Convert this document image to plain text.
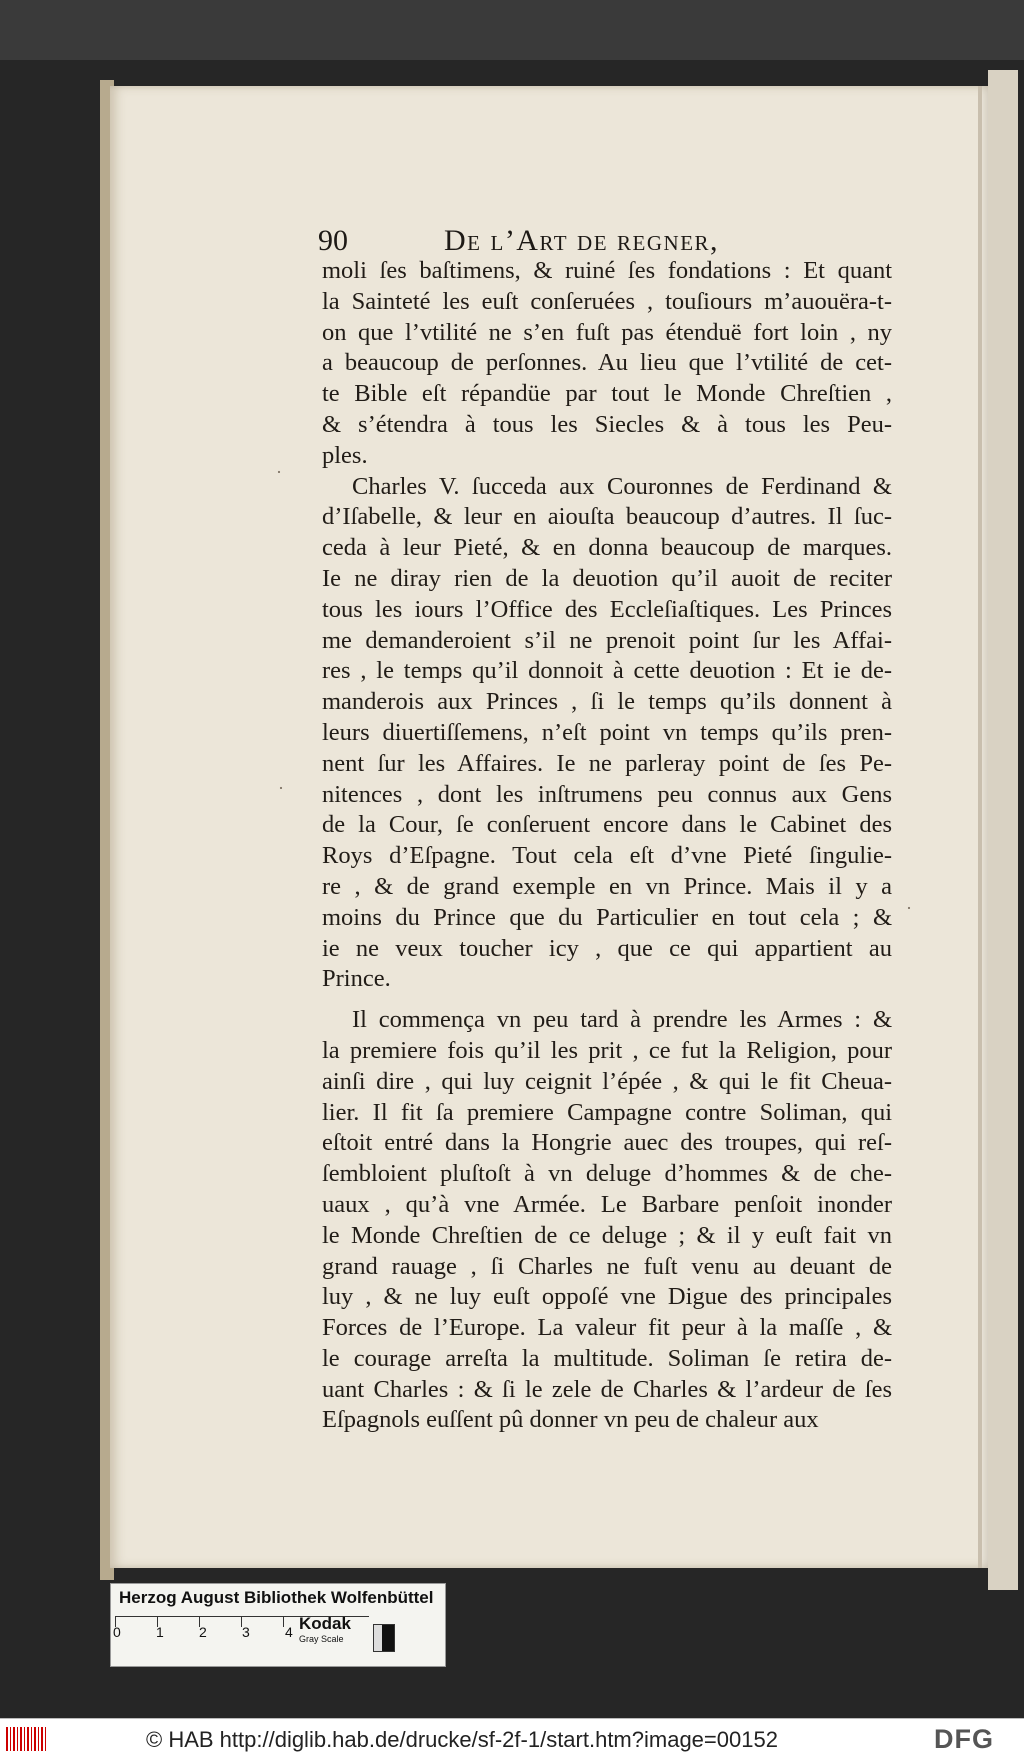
90	De l’Art de regner,
moli ſes baſtimens, & ruiné ſes fondations : Et quant
la Sainteté les euſt conſeruées , touſiours m’auouëra-t-
on que l’vtilité ne s’en fuſt pas étenduë fort loin , ny
a beaucoup de perſonnes. Au lieu que l’vtilité de cet-
te Bible eſt répandüe par tout le Monde Chreſtien ,
& s’étendra à tous les Siecles & à tous les Peu-
ples.
Charles V. ſucceda aux Couronnes de Ferdinand &
d’Iſabelle, & leur en aiouſta beaucoup d’autres. Il ſuc-
ceda à leur Pieté, & en donna beaucoup de marques.
Ie ne diray rien de la deuotion qu’il auoit de reciter
tous les iours l’Office des Eccleſiaſtiques. Les Princes
me demanderoient s’il ne prenoit point ſur les Affai-
res , le temps qu’il donnoit à cette deuotion : Et ie de-
manderois aux Princes , ſi le temps qu’ils donnent à
leurs diuertiſſemens, n’eſt point vn temps qu’ils pren-
nent ſur les Affaires. Ie ne parleray point de ſes Pe-
nitences , dont les inſtrumens peu connus aux Gens
de la Cour, ſe conſeruent encore dans le Cabinet des
Roys d’Eſpagne. Tout cela eſt d’vne Pieté ſingulie-
re , & de grand exemple en vn Prince. Mais il y a
moins du Prince que du Particulier en tout cela ; &
ie ne veux toucher icy , que ce qui appartient au
Prince.
Il commença vn peu tard à prendre les Armes : &
la premiere fois qu’il les prit , ce fut la Religion, pour
ainſi dire , qui luy ceignit l’épée , & qui le fit Cheua-
lier. Il fit ſa premiere Campagne contre Soliman, qui
eſtoit entré dans la Hongrie auec des troupes, qui reſ-
ſembloient pluſtoſt à vn deluge d’hommes & de che-
uaux , qu’à vne Armée. Le Barbare penſoit inonder
le Monde Chreſtien de ce deluge ; & il y euſt fait vn
grand rauage , ſi Charles ne fuſt venu au deuant de
luy , & ne luy euſt oppoſé vne Digue des principales
Forces de l’Europe. La valeur fit peur à la maſſe , &
le courage arreſta la multitude. Soliman ſe retira de-
uant Charles : & ſi le zele de Charles & l’ardeur de ſes
Eſpagnols euſſent pû donner vn peu de chaleur aux
·
·
·
Herzog August Bibliothek Wolfenbüttel
0	1	2	3	4 Kodak
Gray Scale
© HAB http://diglib.hab.de/drucke/sf-2f-1/start.htm?image=00152	DFG
